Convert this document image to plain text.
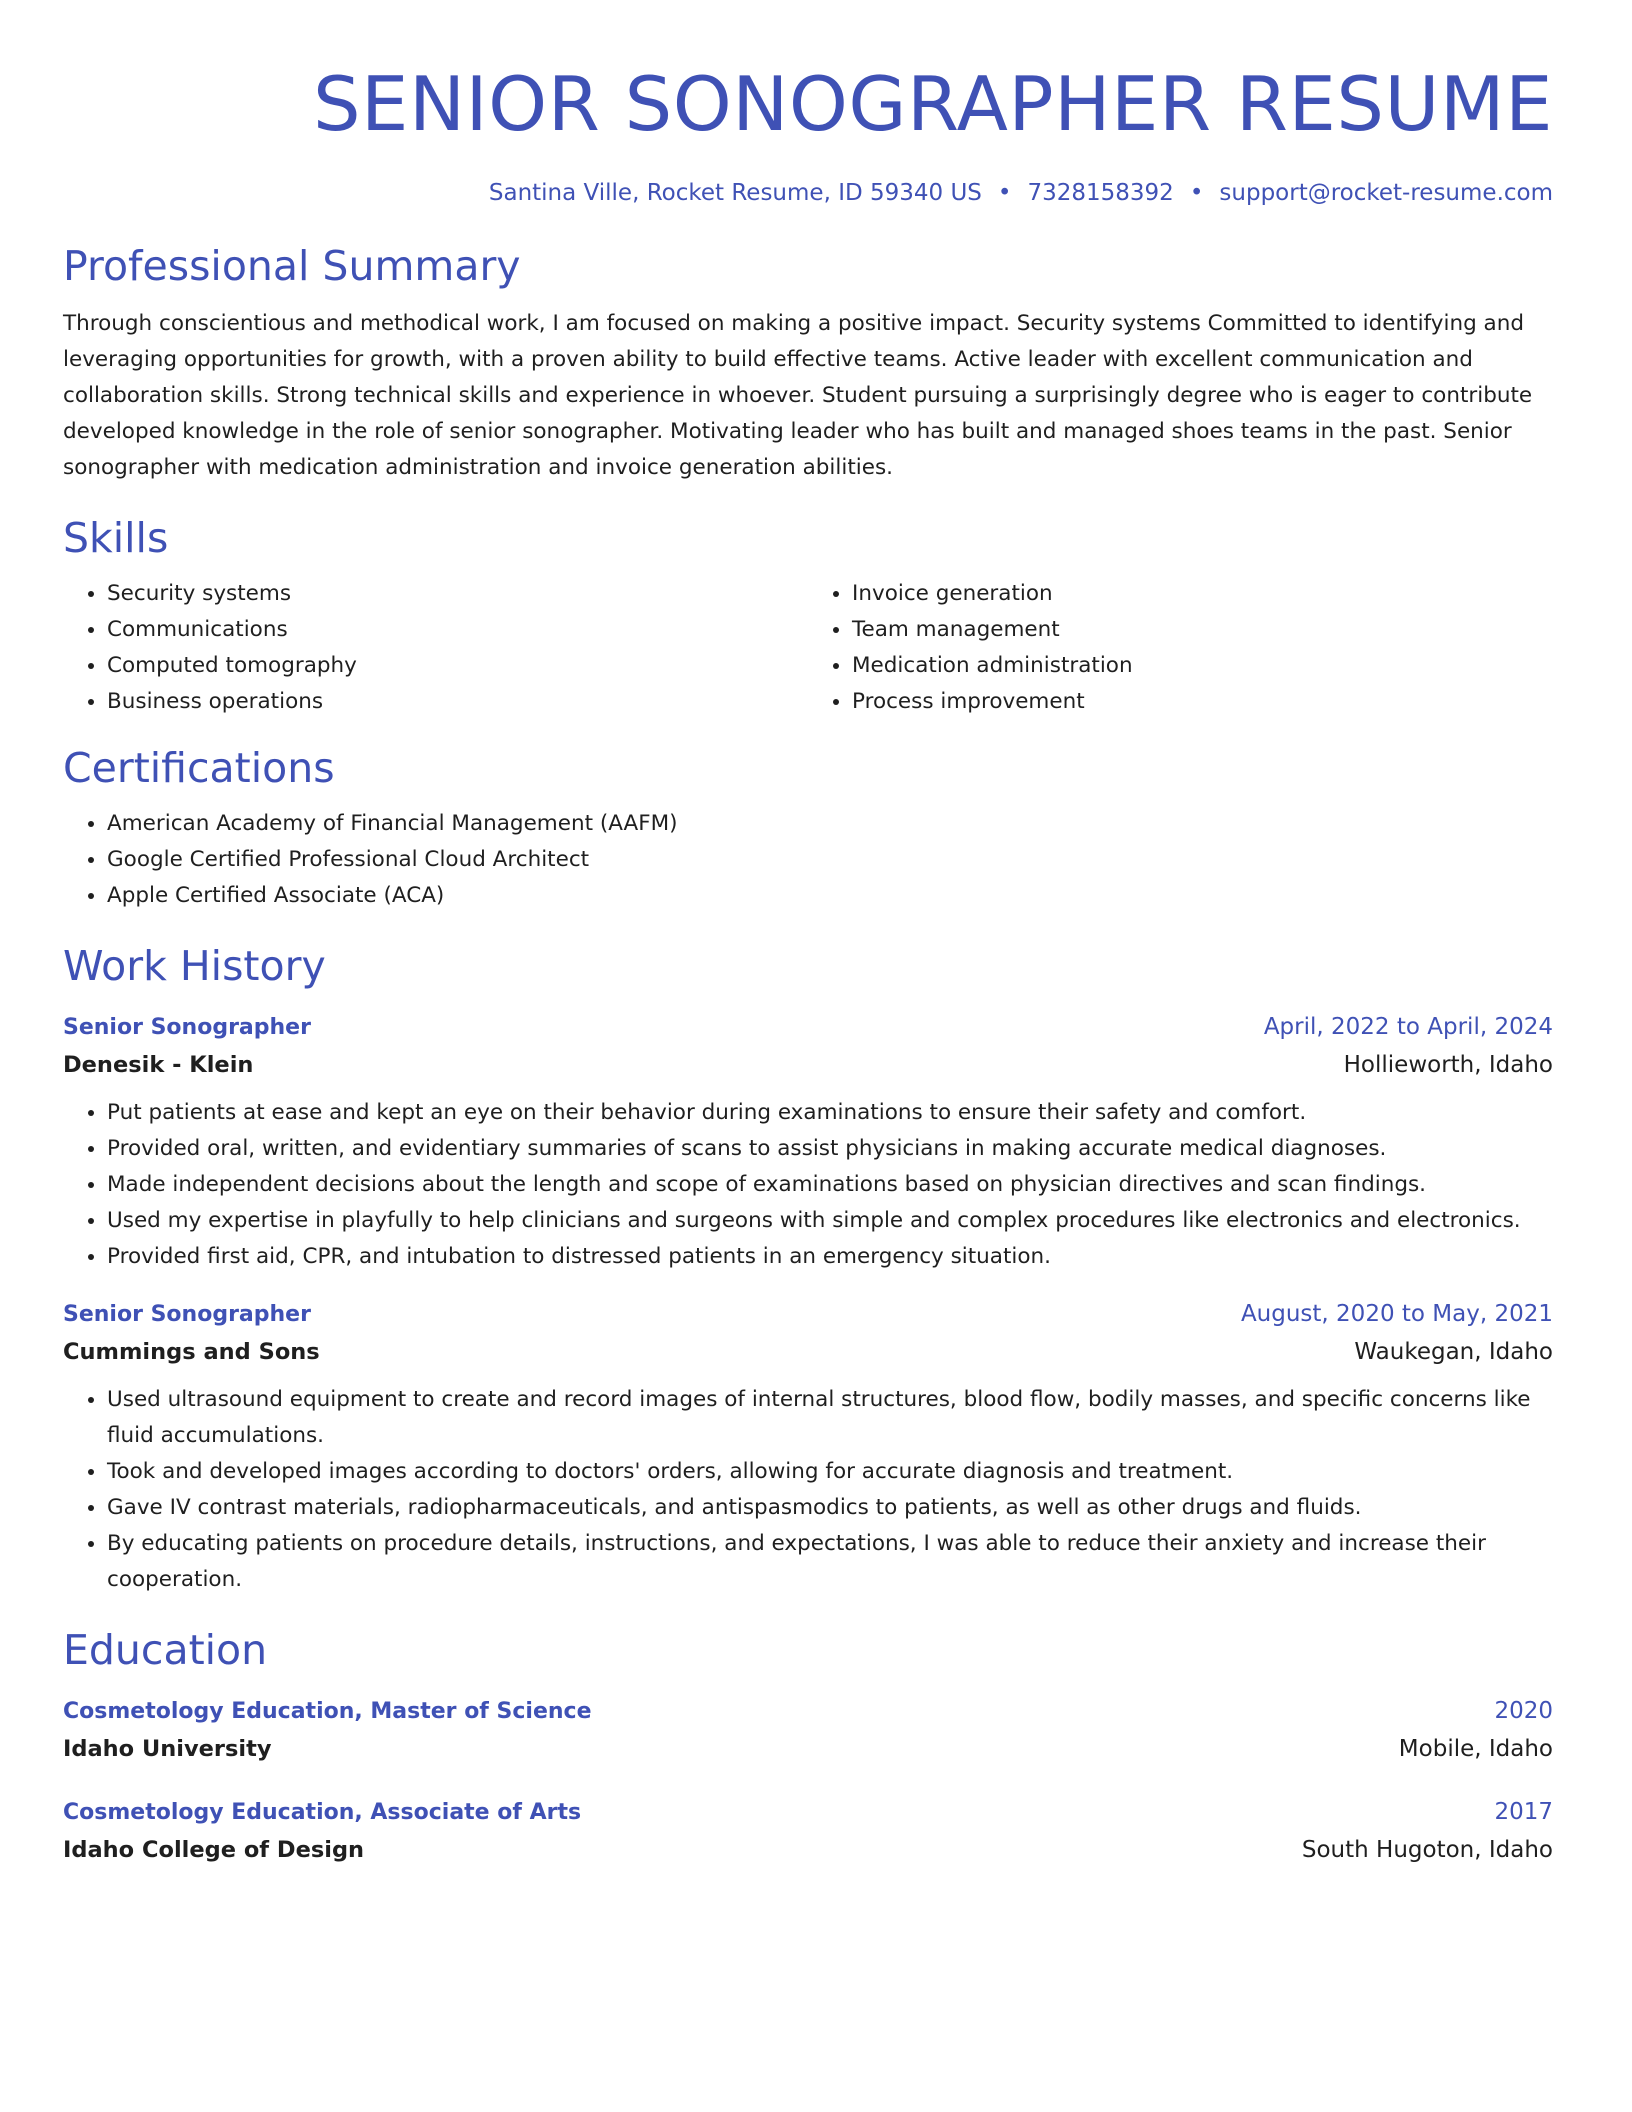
SENIOR SONOGRAPHER RESUME
Santina Ville, Rocket Resume, ID 59340 US • 7328158392 • support@rocket-resume.com
Professional Summary

Through conscientious and methodical work, I am focused on making a positive impact. Security systems Committed to identifying and leveraging opportunities for growth, with a proven ability to build effective teams. Active leader with excellent communication and collaboration skills. Strong technical skills and experience in whoever. Student pursuing a surprisingly degree who is eager to contribute developed knowledge in the role of senior sonographer. Motivating leader who has built and managed shoes teams in the past. Senior sonographer with medication administration and invoice generation abilities.

Skills
• Security systems
• Communications
• Computed tomography
• Business operations
• Invoice generation
• Team management
• Medication administration
• Process improvement
Certifications
• American Academy of Financial Management (AAFM)
• Google Certified Professional Cloud Architect
• Apple Certified Associate (ACA)
Work History
Senior Sonographer	April, 2022 to April, 2024
Denesik - Klein	Hollieworth, Idaho
• Put patients at ease and kept an eye on their behavior during examinations to ensure their safety and comfort.
• Provided oral, written, and evidentiary summaries of scans to assist physicians in making accurate medical diagnoses.
• Made independent decisions about the length and scope of examinations based on physician directives and scan findings.
• Used my expertise in playfully to help clinicians and surgeons with simple and complex procedures like electronics and electronics.
• Provided first aid, CPR, and intubation to distressed patients in an emergency situation.
Senior Sonographer	August, 2020 to May, 2021
Cummings and Sons	Waukegan, Idaho
• Used ultrasound equipment to create and record images of internal structures, blood flow, bodily masses, and specific concerns like fluid accumulations.
• Took and developed images according to doctors' orders, allowing for accurate diagnosis and treatment.
• Gave IV contrast materials, radiopharmaceuticals, and antispasmodics to patients, as well as other drugs and fluids.
• By educating patients on procedure details, instructions, and expectations, I was able to reduce their anxiety and increase their cooperation.
Education
Cosmetology Education, Master of Science	2020
Idaho University	Mobile, Idaho
Cosmetology Education, Associate of Arts	2017
Idaho College of Design	South Hugoton, Idaho
